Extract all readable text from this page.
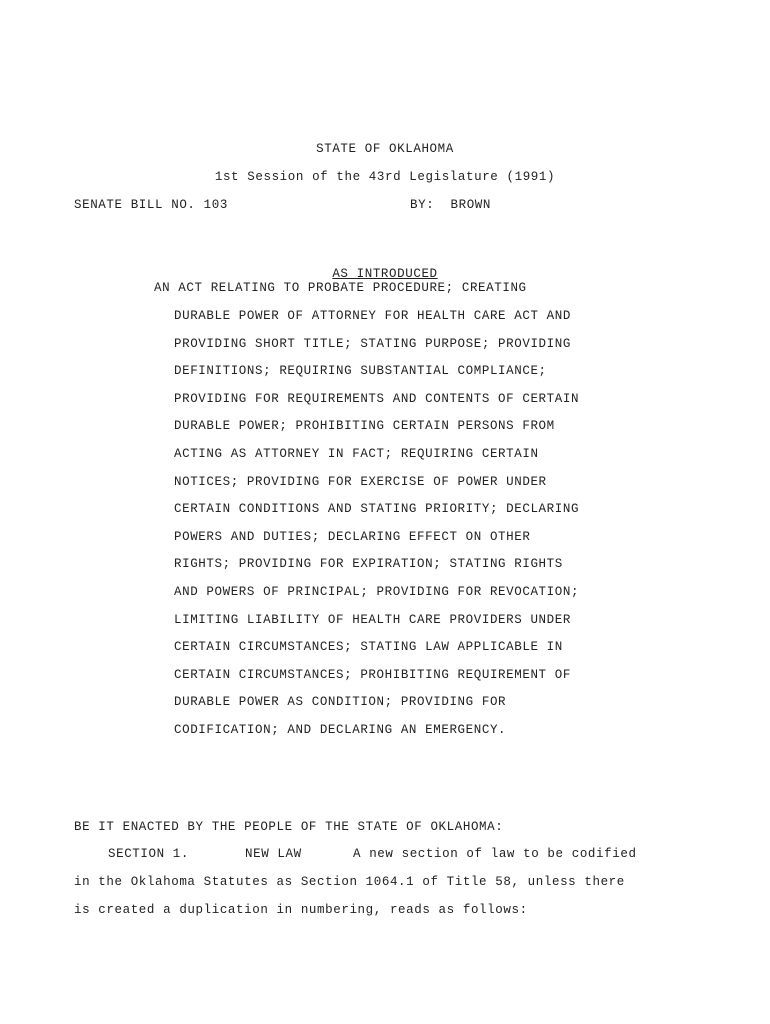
STATE OF OKLAHOMA
1st Session of the 43rd Legislature (1991)
SENATE BILL NO. 103	BY:  BROWN
AS INTRODUCED
AN ACT RELATING TO PROBATE PROCEDURE; CREATING
DURABLE POWER OF ATTORNEY FOR HEALTH CARE ACT AND
PROVIDING SHORT TITLE; STATING PURPOSE; PROVIDING
DEFINITIONS; REQUIRING SUBSTANTIAL COMPLIANCE;
PROVIDING FOR REQUIREMENTS AND CONTENTS OF CERTAIN
DURABLE POWER; PROHIBITING CERTAIN PERSONS FROM
ACTING AS ATTORNEY IN FACT; REQUIRING CERTAIN
NOTICES; PROVIDING FOR EXERCISE OF POWER UNDER
CERTAIN CONDITIONS AND STATING PRIORITY; DECLARING
POWERS AND DUTIES; DECLARING EFFECT ON OTHER
RIGHTS; PROVIDING FOR EXPIRATION; STATING RIGHTS
AND POWERS OF PRINCIPAL; PROVIDING FOR REVOCATION;
LIMITING LIABILITY OF HEALTH CARE PROVIDERS UNDER
CERTAIN CIRCUMSTANCES; STATING LAW APPLICABLE IN
CERTAIN CIRCUMSTANCES; PROHIBITING REQUIREMENT OF
DURABLE POWER AS CONDITION; PROVIDING FOR
CODIFICATION; AND DECLARING AN EMERGENCY.
BE IT ENACTED BY THE PEOPLE OF THE STATE OF OKLAHOMA:
SECTION 1.	NEW LAW	A new section of law to be codified
in the Oklahoma Statutes as Section 1064.1 of Title 58, unless there
is created a duplication in numbering, reads as follows:
